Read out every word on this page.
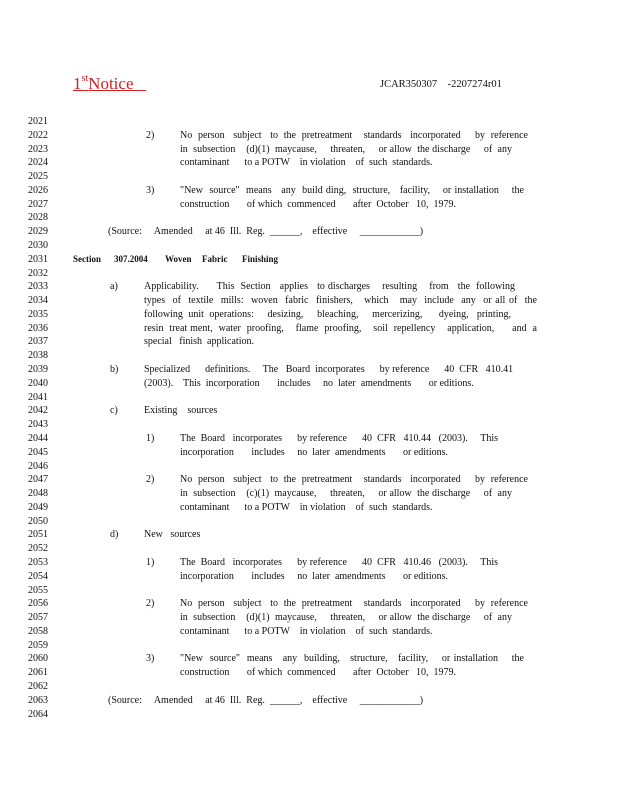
1stNotice	JCAR350307    -2207274r01
2021
2022	2)	No  person   subject   to  the  pretreatment    standards   incorporated     by  reference
2023	in  subsection    (d)(1)  maycause,     threaten,     or allow  the discharge     of  any
2024	contaminant      to a POTW    in violation    of  such  standards.
2025
2026	3)	"New  source"  means   any  build ding,  structure,   facility,    or installation    the
2027	construction       of which  commenced       after  October   10,  1979.
2028
2029	(Source:     Amended     at 46  Ill.  Reg.  ______,    effective     ____________)
2030
2031	Section 307.2004 Woven Fabric Finishing
2032
2033	a)	Applicability.      This  Section   applies   to discharges    resulting    from   the  following
2034	types  of  textile  mills:  woven  fabric  finishers,   which   may  include  any  or all of  the
2035	following  unit  operations:     desizing,     bleaching,     mercerizing,      dyeing,   printing,
2036	resin  treat ment,  water  proofing,    flame  proofing,    soil  repellency    application,      and  a
2037	special   finish  application.
2038
2039	b)	Specialized      definitions.     The   Board  incorporates      by reference      40  CFR   410.41
2040	(2003).    This  incorporation       includes     no  later  amendments       or editions.
2041
2042	c)	Existing    sources
2043
2044	1)	The  Board   incorporates      by reference      40  CFR   410.44   (2003).     This
2045	incorporation       includes     no  later  amendments       or editions.
2046
2047	2)	No  person   subject   to  the  pretreatment    standards   incorporated     by  reference
2048	in  subsection    (c)(1)  maycause,     threaten,     or allow  the discharge     of  any
2049	contaminant      to a POTW    in violation    of  such  standards.
2050
2051	d)	New   sources
2052
2053	1)	The  Board   incorporates      by reference      40  CFR   410.46   (2003).     This
2054	incorporation       includes     no  later  amendments       or editions.
2055
2056	2)	No  person   subject   to  the  pretreatment    standards   incorporated     by  reference
2057	in  subsection    (d)(1)  maycause,     threaten,     or allow  the discharge     of  any
2058	contaminant      to a POTW    in violation    of  such  standards.
2059
2060	3)	"New  source"  means   any  building,   structure,   facility,    or installation    the
2061	construction       of which  commenced       after  October   10,  1979.
2062
2063	(Source:     Amended     at 46  Ill.  Reg.  ______,    effective     ____________)
2064
